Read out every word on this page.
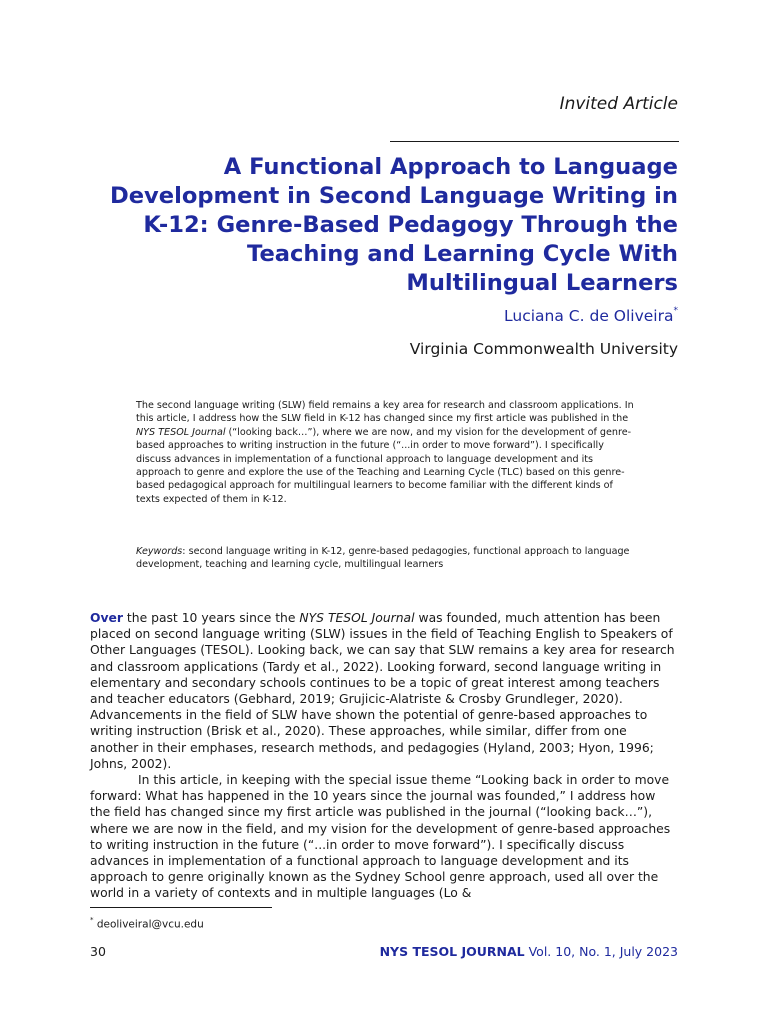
Invited Article
A Functional Approach to Language Development in Second Language Writing in K-12: Genre-Based Pedagogy Through the Teaching and Learning Cycle With Multilingual Learners
Luciana C. de Oliveira*
Virginia Commonwealth University
The second language writing (SLW) field remains a key area for research and classroom applications. In this article, I address how the SLW field in K-12 has changed since my first article was published in the NYS TESOL Journal (“looking back…”), where we are now, and my vision for the development of genre-based approaches to writing instruction in the future (“...in order to move forward”). I specifically discuss advances in implementation of a functional approach to language development and its approach to genre and explore the use of the Teaching and Learning Cycle (TLC) based on this genre-based pedagogical approach for multilingual learners to become familiar with the different kinds of texts expected of them in K-12.
Keywords: second language writing in K-12, genre-based pedagogies, functional approach to language development, teaching and learning cycle, multilingual learners

Over the past 10 years since the NYS TESOL Journal was founded, much attention has been placed on second language writing (SLW) issues in the field of Teaching English to Speakers of Other Languages (TESOL). Looking back, we can say that SLW remains a key area for research and classroom applications (Tardy et al., 2022). Looking forward, second language writing in elementary and secondary schools continues to be a topic of great interest among teachers and teacher educators (Gebhard, 2019; Grujicic-Alatriste & Crosby Grundleger, 2020). Advancements in the field of SLW have shown the potential of genre-based approaches to writing instruction (Brisk et al., 2020). These approaches, while similar, differ from one another in their emphases, research methods, and pedagogies (Hyland, 2003; Hyon, 1996; Johns, 2002).

In this article, in keeping with the special issue theme “Looking back in order to move forward: What has happened in the 10 years since the journal was founded,” I address how the field has changed since my first article was published in the journal (“looking back…”), where we are now in the field, and my vision for the development of genre-based approaches to writing instruction in the future (“...in order to move forward”). I specifically discuss advances in implementation of a functional approach to language development and its approach to genre originally known as the Sydney School genre approach, used all over the world in a variety of contexts and in multiple languages (Lo &

* deoliveiral@vcu.edu
30	NYS TESOL JOURNAL Vol. 10, No. 1, July 2023
